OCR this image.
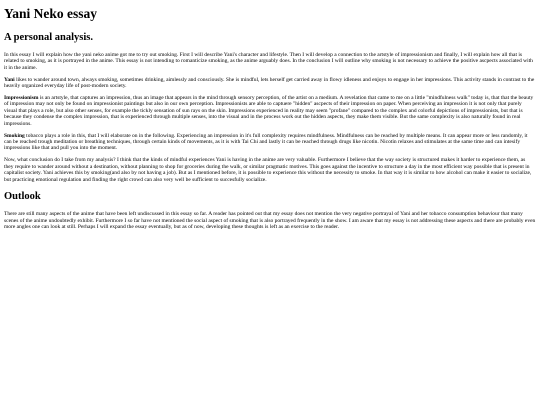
Yani Neko essay
A personal analysis.

In this essay I will explain how the yani neko anime got me to try out smoking. First I will describe Yani's character and lifestyle. Then I will develop a connection to the artstyle of impressionism and finally, I will explain how all that is related to smoking, as it is portrayed in the anime. This essay is not intending to romanticize smoking, as the anime arguably does. In the conclusion I will outline why smoking is not necessary to achieve the positive ascpects associated with it in the anime.

Yani likes to wander around town, always smoking, sometimes drinking, aimlessly and consciously. She is mindful, lets herself get carried away in flowy idleness and enjoys to engage in her impressions. This activity stands in contrast to the heavily organized everyday life of post-modern society.

Impressionism is an artstyle, that captures an impression, thus an image that appears in the mind through sensory perception, of the artist on a medium. A revelation that came to me on a little "mindfulness walk" today is, that that the beauty of impression may not only be found on impressionist paintings but also in our own perception. Impressionists are able to captuere "hidden" ascpects of their impression on paper. When perceiving an impression it is not only that purely visual that plays a role, but also other senses, for example the tickly sensation of sun rays on the skin. Impressions experienced in reality may seem "profane" compared to the complex and colorful depictions of impressionists, but that is because they condense the complex impression, that is experienced through multiple senses, into the visual and in the process work out the hidden aspects, they make them visible. But the same complexity is also naturally found in real impressions.

Smoking tobacco plays a role in this, that I will elaborate on in the following. Experiencing an impression in it's full complexity requires mindfulness. Mindfulness can be reached by multiple means. It can appear more or less randomly, it can be reached trough meditation or breathing techniques, through certain kinds of movements, as it is with Tai Chi and lastly it can be reached through drugs like nicotin. Nicotin relaxes and stimulates at the same time and can intesify impressions like that and pull you into the moment.

Now, what conclusion do I take from my analysis? I think that the kinds of mindful experiences Yani is having in the anime are very valuable. Furthermore I believe that the way society is structured makes it harder to experience them, as they require to wander around without a destination, without planning to shop for groceries during the walk, or similar pragmatic motives. This goes against the incentive to structure a day in the most efficient way possible that is present in capitalist society. Yani achieves this by smoking(and also by not having a job). But as I mentioned before, it is possible to experience this without the necessity to smoke. In that way it is similar to how alcohol can make it easier to socialize, but practicing emotional regulation and finding the right crowd can also very well be sufficient to succesfully socialize.

Outlook

There are still many aspects of the anime that have been left undiscussed in this essay so far. A reader has pointed out that my essay does not mention the very negative portrayal of Yani and her tobacco consumption behaviour that many scenes of the anime undoubtedly exhibit. Furthermore I so far have not mentioned the social aspect of smoking that is also portrayed frequently in the show. I am aware that my essay is not addressing these aspects and there are probably even more angles one can look at still. Perhaps I will expand the essay eventually, but as of now, developing these thoughts is left as an exercise to the reader.
